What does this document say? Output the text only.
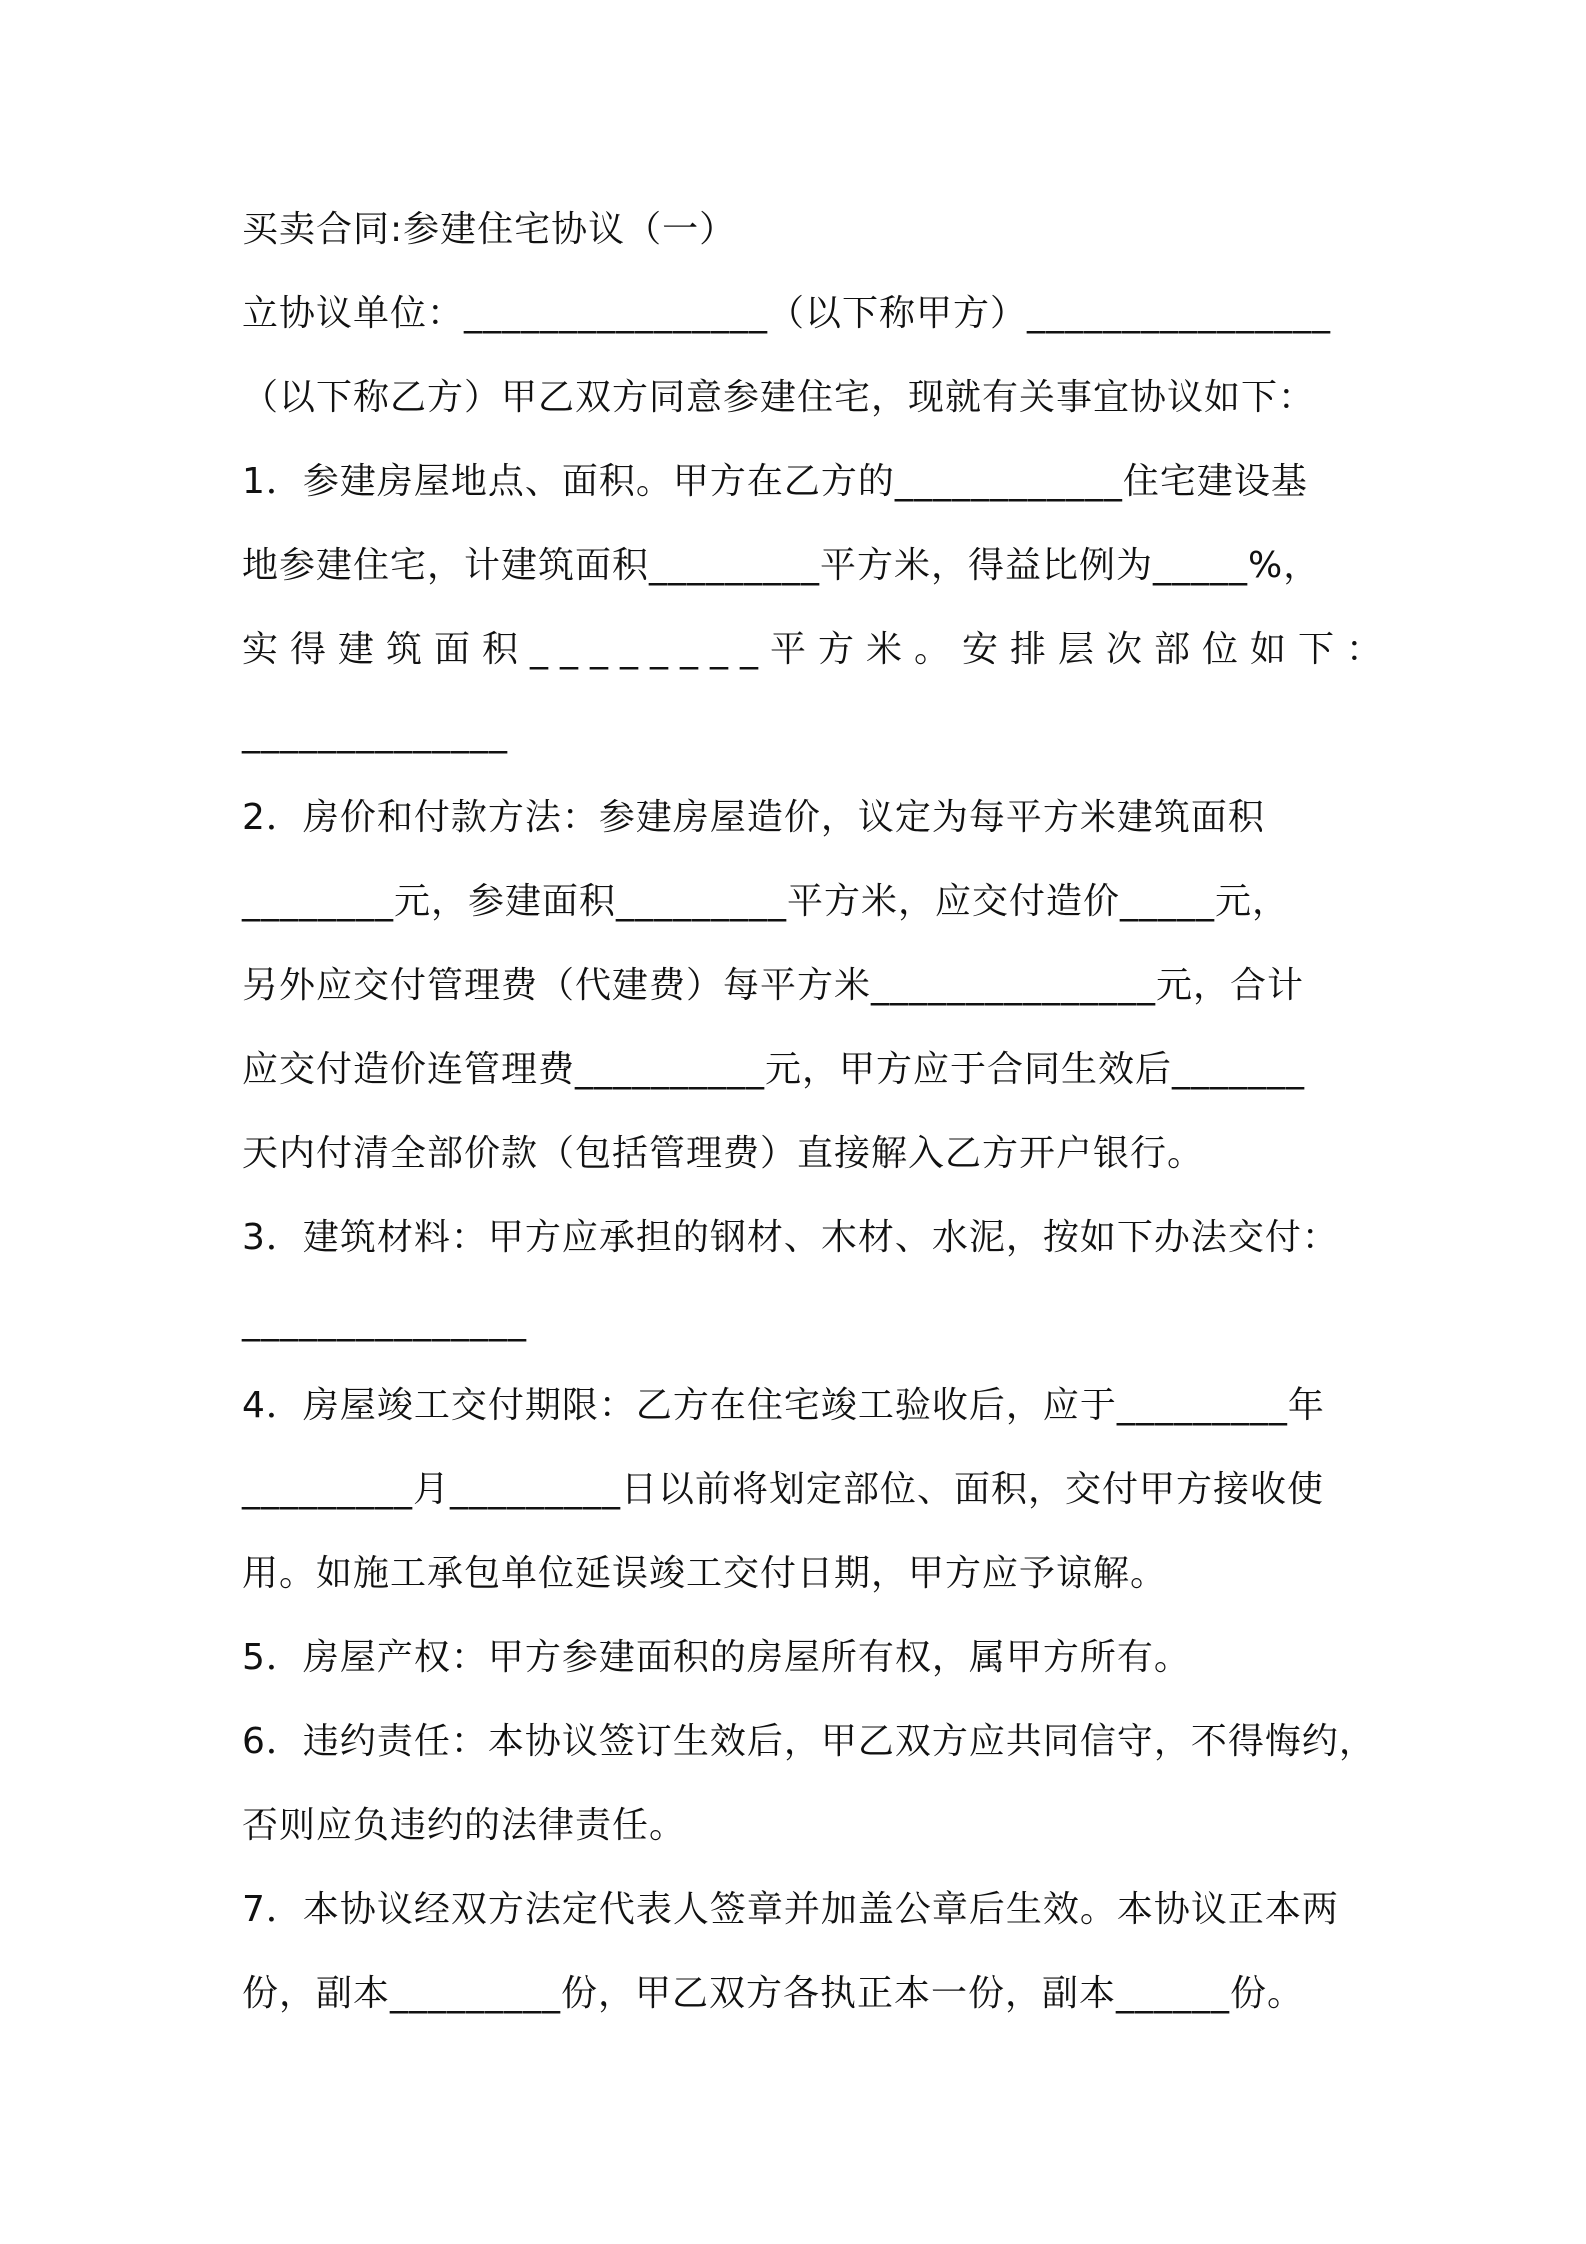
买卖合同:参建住宅协议（一）
立协议单位：________________（以下称甲方）________________
（以下称乙方）甲乙双方同意参建住宅，现就有关事宜协议如下：
1．参建房屋地点、面积。甲方在乙方的____________住宅建设基
地参建住宅，计建筑面积_________平方米，得益比例为_____%，
实得建筑面积________平方米。安排层次部位如下：
______________
2．房价和付款方法：参建房屋造价，议定为每平方米建筑面积
________元，参建面积_________平方米，应交付造价_____元，
另外应交付管理费（代建费）每平方米_______________元，合计
应交付造价连管理费__________元，甲方应于合同生效后_______
天内付清全部价款（包括管理费）直接解入乙方开户银行。
3．建筑材料：甲方应承担的钢材、木材、水泥，按如下办法交付：
_______________
4．房屋竣工交付期限：乙方在住宅竣工验收后，应于_________年
_________月_________日以前将划定部位、面积，交付甲方接收使
用。如施工承包单位延误竣工交付日期，甲方应予谅解。
5．房屋产权：甲方参建面积的房屋所有权，属甲方所有。
6．违约责任：本协议签订生效后，甲乙双方应共同信守，不得悔约，
否则应负违约的法律责任。
7．本协议经双方法定代表人签章并加盖公章后生效。本协议正本两
份，副本_________份，甲乙双方各执正本一份，副本______份。
